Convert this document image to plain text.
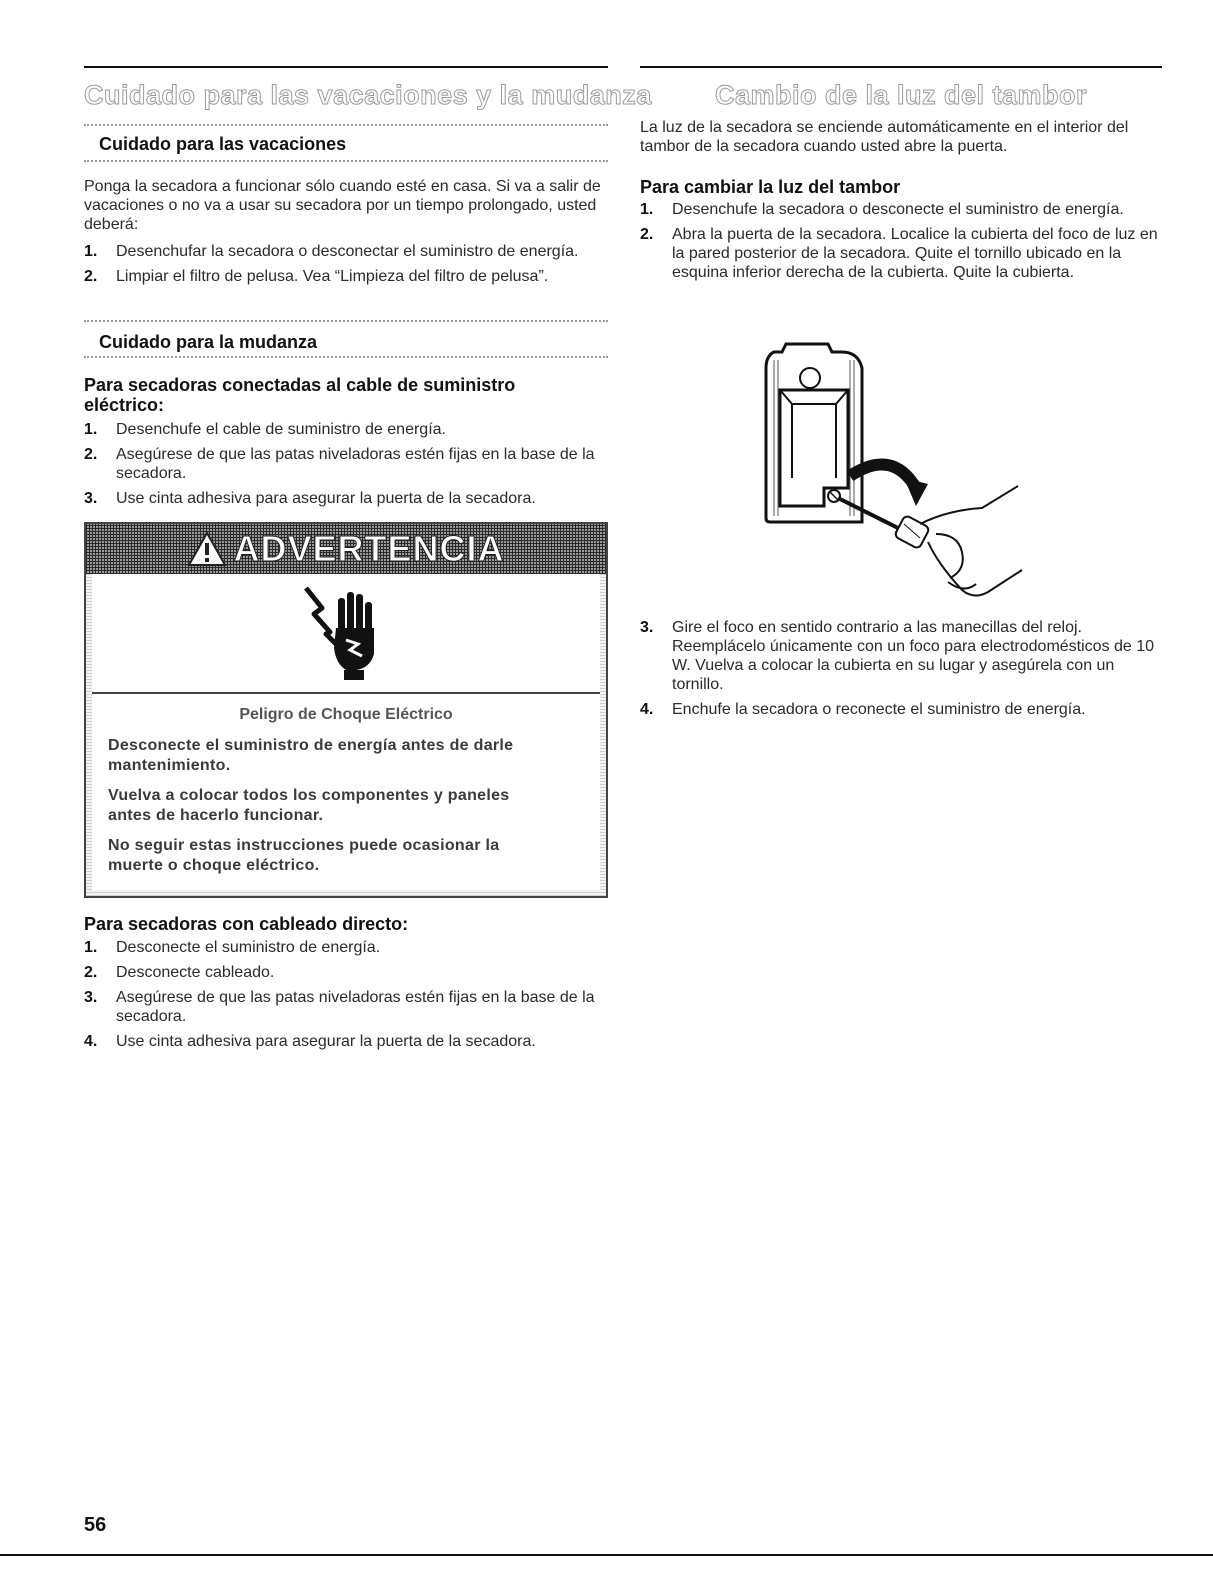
Cuidado para las vacaciones y la mudanza
Cuidado para las vacaciones

Ponga la secadora a funcionar sólo cuando esté en casa. Si va a salir de vacaciones o no va a usar su secadora por un tiempo prolongado, usted deberá:

1. Desenchufar la secadora o desconectar el suministro de energía.
2. Limpiar el filtro de pelusa. Vea “Limpieza del filtro de pelusa”.
Cuidado para la mudanza

Para secadoras conectadas al cable de suministro eléctrico:

1. Desenchufe el cable de suministro de energía.
2. Asegúrese de que las patas niveladoras estén fijas en la base de la secadora.
3. Use cinta adhesiva para asegurar la puerta de la secadora.
ADVERTENCIA

Peligro de Choque Eléctrico

Desconecte el suministro de energía antes de darle mantenimiento.

Vuelva a colocar todos los componentes y paneles antes de hacerlo funcionar.

No seguir estas instrucciones puede ocasionar la muerte o choque eléctrico.

Para secadoras con cableado directo:

1. Desconecte el suministro de energía.
2. Desconecte cableado.
3. Asegúrese de que las patas niveladoras estén fijas en la base de la secadora.
4. Use cinta adhesiva para asegurar la puerta de la secadora.
Cambio de la luz del tambor

La luz de la secadora se enciende automáticamente en el interior del tambor de la secadora cuando usted abre la puerta.

Para cambiar la luz del tambor

1. Desenchufe la secadora o desconecte el suministro de energía.
2. Abra la puerta de la secadora. Localice la cubierta del foco de luz en la pared posterior de la secadora. Quite el tornillo ubicado en la esquina inferior derecha de la cubierta. Quite la cubierta.
3. Gire el foco en sentido contrario a las manecillas del reloj. Reemplácelo únicamente con un foco para electrodomésticos de 10 W. Vuelva a colocar la cubierta en su lugar y asegúrela con un tornillo.
4. Enchufe la secadora o reconecte el suministro de energía.
56
